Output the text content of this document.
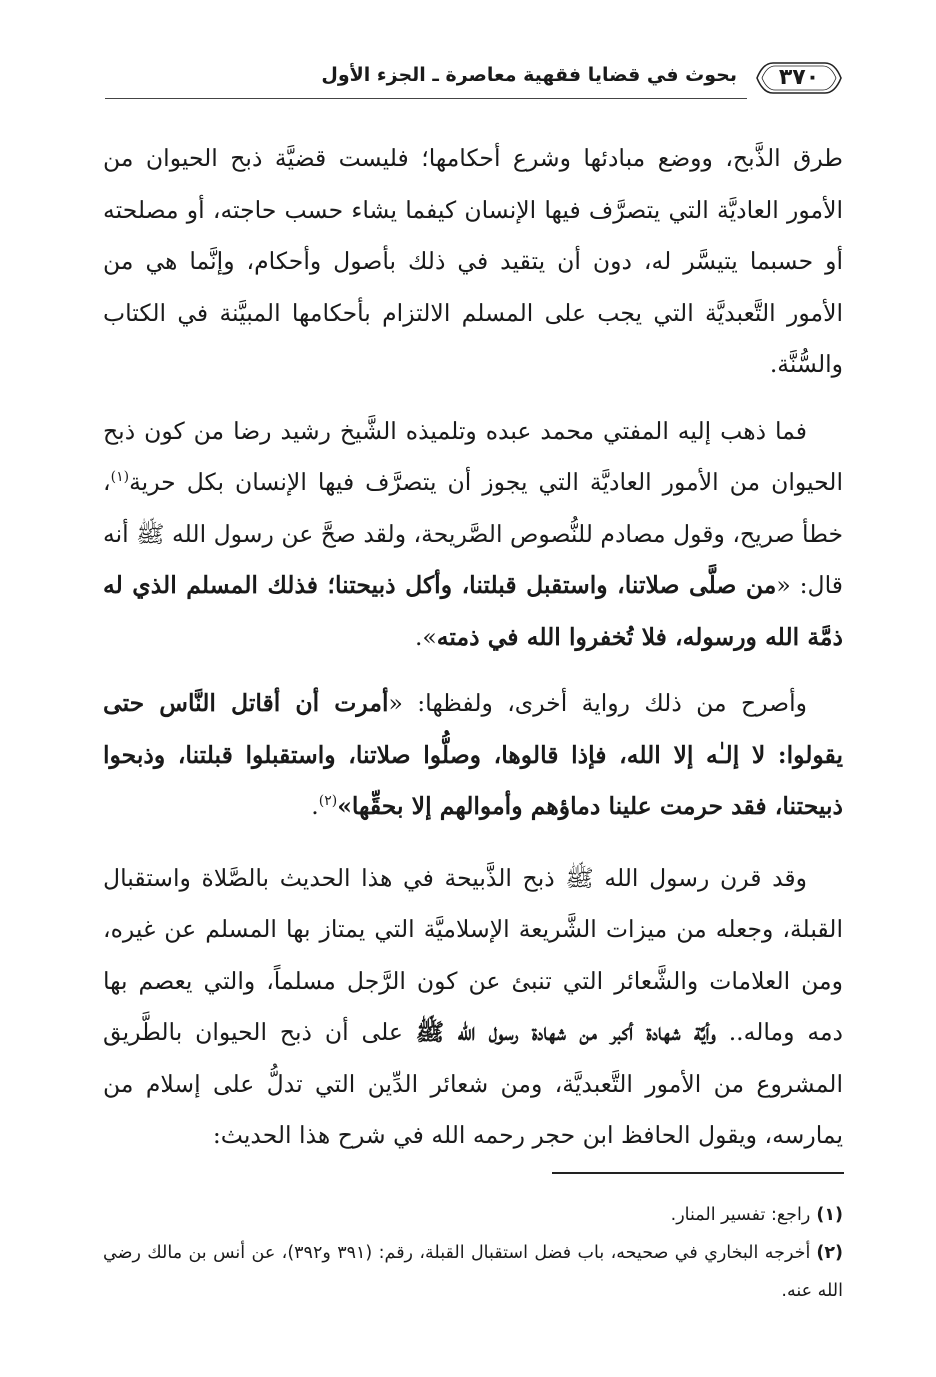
٣٧٠
بحوث في قضايا فقهية معاصرة ـ الجزء الأول

طرق الذَّبح، ووضع مبادئها وشرع أحكامها؛ فليست قضيَّة ذبح الحيوان من الأمور العاديَّة التي يتصرَّف فيها الإنسان كيفما يشاء حسب حاجته، أو مصلحته أو حسبما يتيسَّر له، دون أن يتقيد في ذلك بأصول وأحكام، وإنَّما هي من الأمور التَّعبديَّة التي يجب على المسلم الالتزام بأحكامها المبيَّنة في الكتاب والسُّنَّة.

فما ذهب إليه المفتي محمد عبده وتلميذه الشَّيخ رشيد رضا من كون ذبح الحيوان من الأمور العاديَّة التي يجوز أن يتصرَّف فيها الإنسان بكل حرية$^{(١)}$، خطأ صريح، وقول مصادم للنُّصوص الصَّريحة، ولقد صحَّ عن رسول الله ﷺ أنه قال: «من صلَّى صلاتنا، واستقبل قبلتنا، وأكل ذبيحتنا؛ فذلك المسلم الذي له ذمَّة الله ورسوله، فلا تُخفروا الله في ذمته».

وأصرح من ذلك رواية أخرى، ولفظها: «أمرت أن أقاتل النَّاس حتى يقولوا: لا إلـٰه إلا الله، فإذا قالوها، وصلُّوا صلاتنا، واستقبلوا قبلتنا، وذبحوا ذبيحتنا، فقد حرمت علينا دماؤهم وأموالهم إلا بحقِّها»$^{(٢)}$.

وقد قرن رسول الله ﷺ ذبح الذَّبيحة في هذا الحديث بالصَّلاة واستقبال القبلة، وجعله من ميزات الشَّريعة الإسلاميَّة التي يمتاز بها المسلم عن غيره، ومن العلامات والشَّعائر التي تنبئ عن كون الرَّجل مسلماً، والتي يعصم بها دمه وماله.. وأيَّة شهادة أكبر من شهادة رسول الله ﷺ على أن ذبح الحيوان بالطَّريق المشروع من الأمور التَّعبديَّة، ومن شعائر الدِّين التي تدلُّ على إسلام من يمارسه، ويقول الحافظ ابن حجر رحمه الله في شرح هذا الحديث:

(١)راجع: تفسير المنار.

(٢)أخرجه البخاري في صحيحه، باب فضل استقبال القبلة، رقم: (٣٩١ و٣٩٢)، عن أنس بن مالك رضي الله عنه.
